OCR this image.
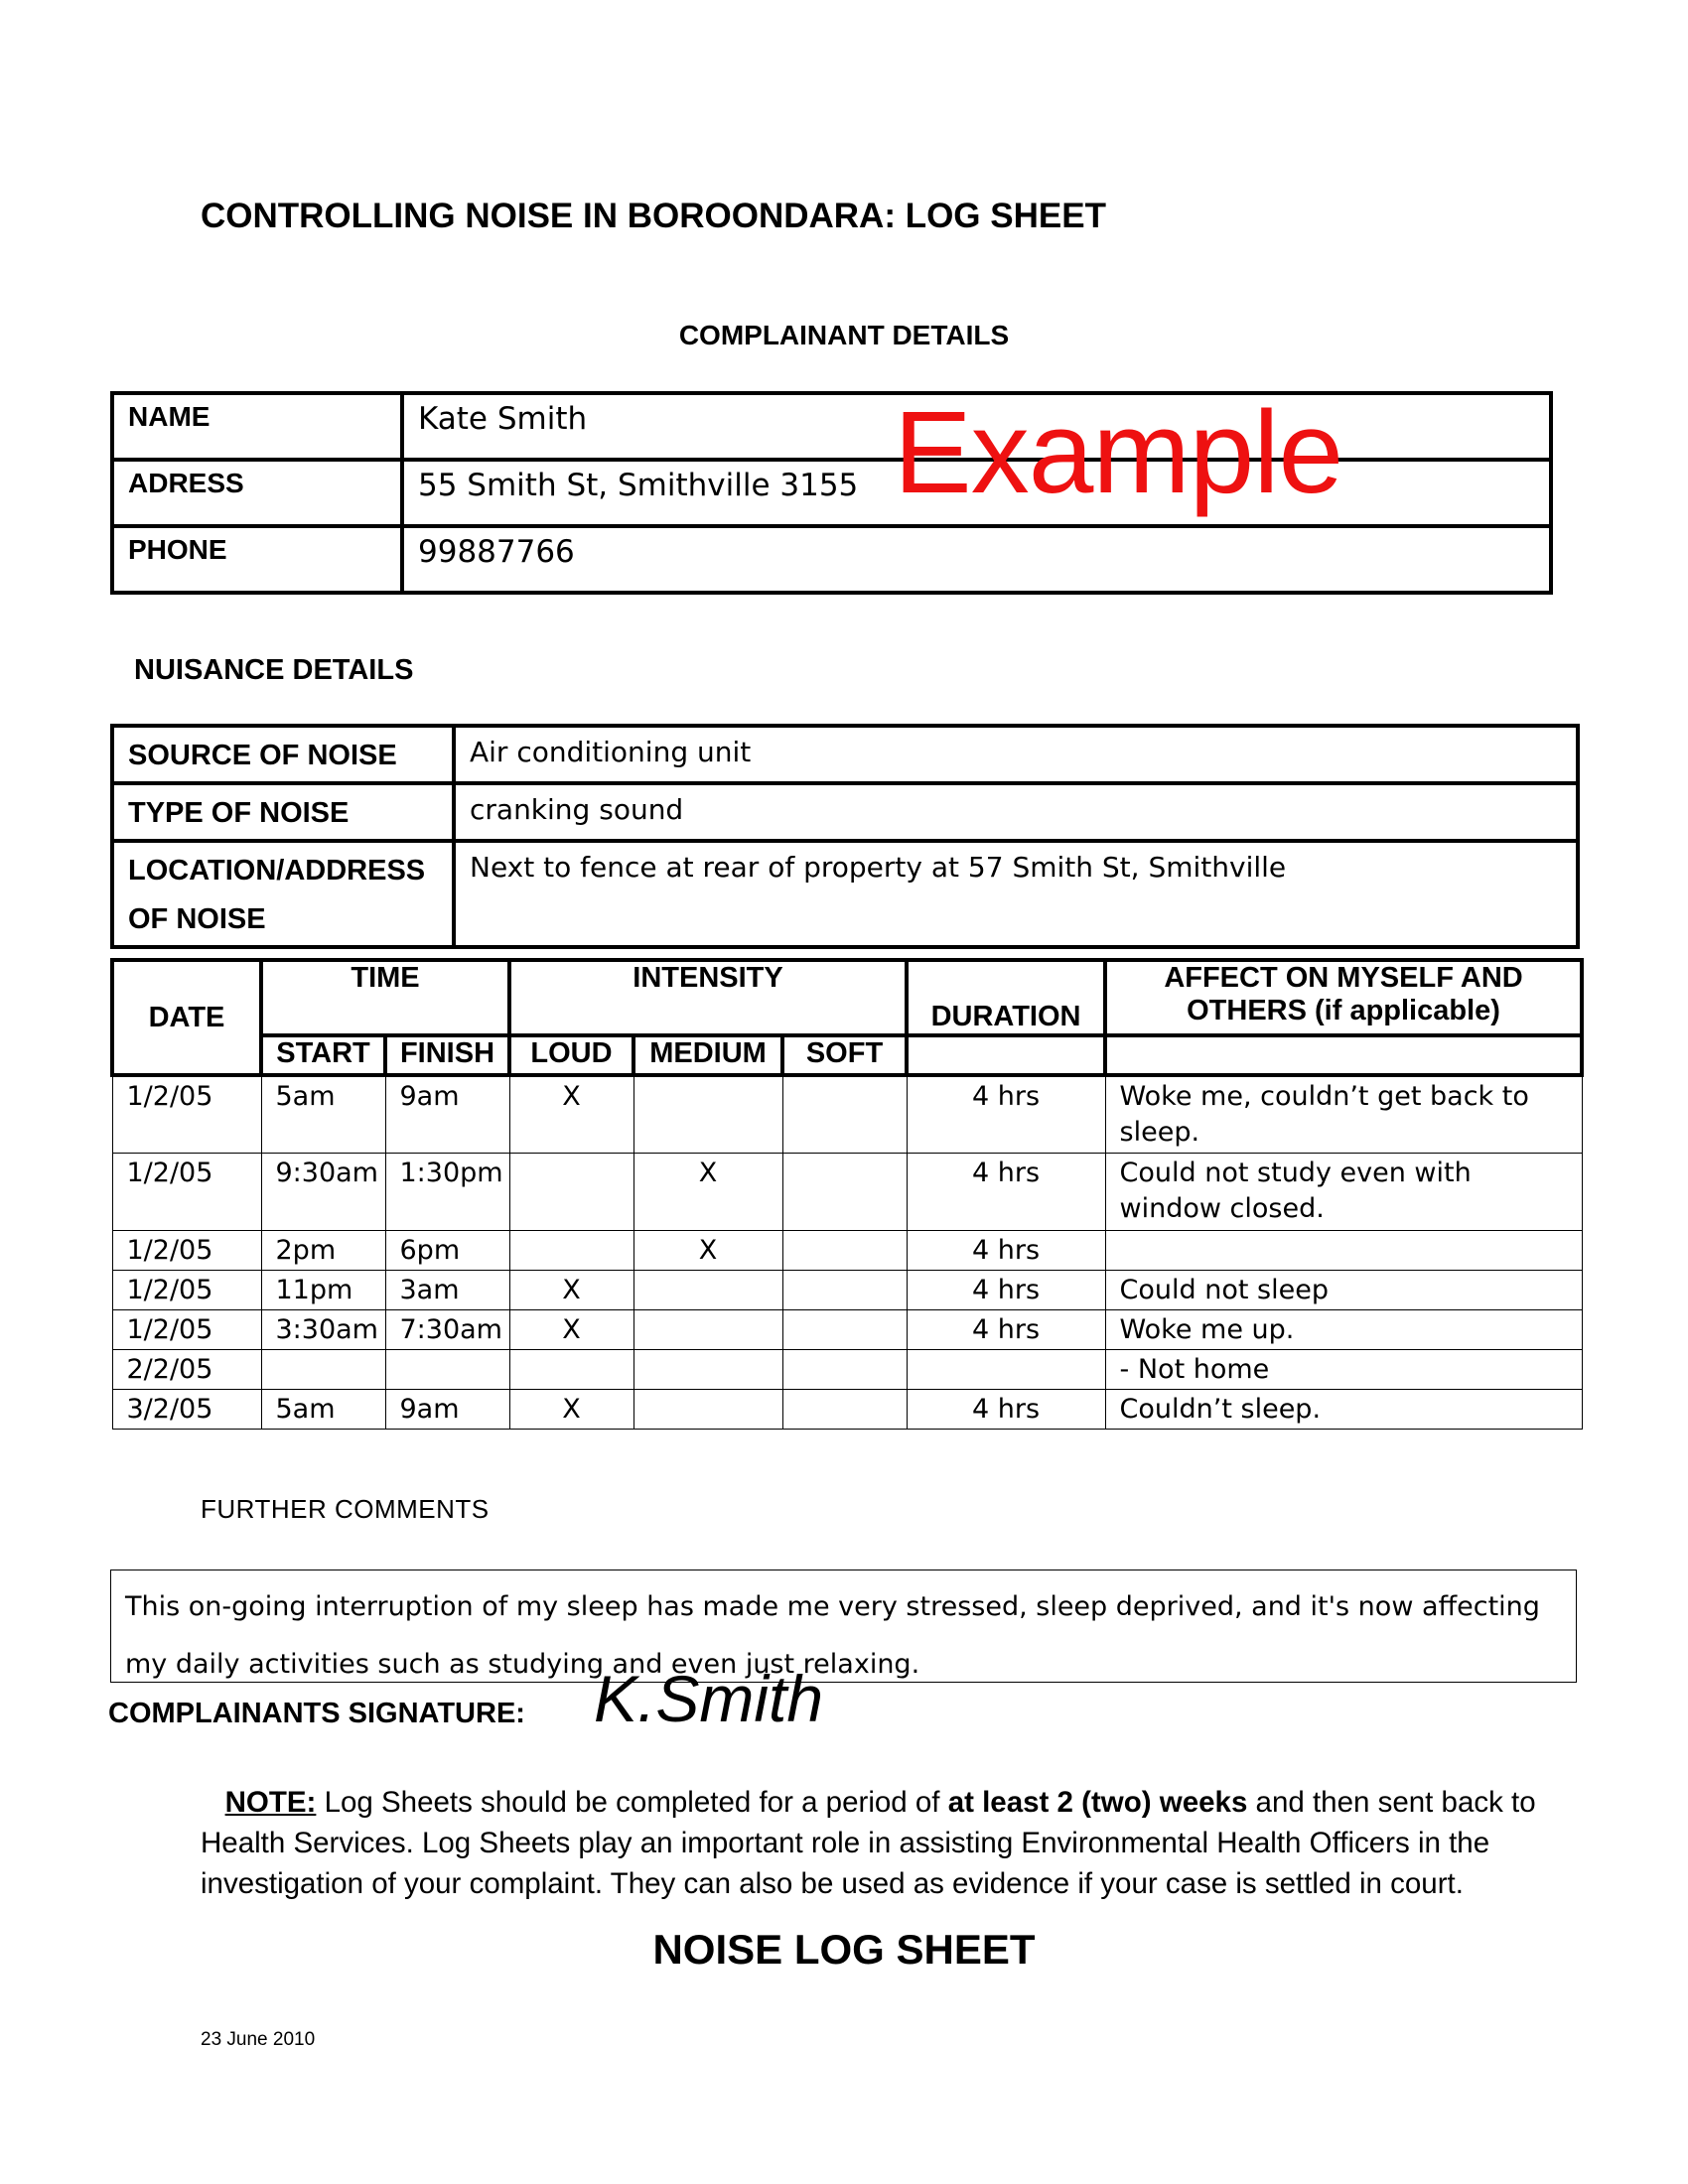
CONTROLLING NOISE IN BOROONDARA: LOG SHEET
COMPLAINANT DETAILS
NAME	Kate Smith
ADRESS	55 Smith St, Smithville 3155
PHONE	99887766
Example
NUISANCE DETAILS
SOURCE OF NOISE	Air conditioning unit
TYPE OF NOISE	cranking sound

LOCATION/ADDRESS
OF NOISE	Next to fence at rear of property at 57 Smith St, Smithville
DATE	TIME		INTENSITY			DURATION	AFFECT ON MYSELF AND
OTHERS (if applicable)

	START	FINISH	LOUD	MEDIUM	SOFT		
1/2/05	5am	9am	X			4 hrs	Woke me, couldn’t get back to sleep.
1/2/05	9:30am	1:30pm		X		4 hrs	Could not study even with window closed.
1/2/05	2pm	6pm		X		4 hrs	
1/2/05	11pm	3am	X			4 hrs	Could not sleep
1/2/05	3:30am	7:30am	X			4 hrs	Woke me up.
2/2/05							- Not home
3/2/05	5am	9am	X			4 hrs	Couldn’t sleep.
FURTHER COMMENTS
This on-going interruption of my sleep has made me very stressed, sleep deprived, and it's now affecting my daily activities such as studying and even just relaxing.
COMPLAINANTS SIGNATURE: K.Smith
NOTE: Log Sheets should be completed for a period of at least 2 (two) weeks and then sent back to Health Services. Log Sheets play an important role in assisting Environmental Health Officers in the investigation of your complaint. They can also be used as evidence if your case is settled in court.
NOISE LOG SHEET
23 June 2010
